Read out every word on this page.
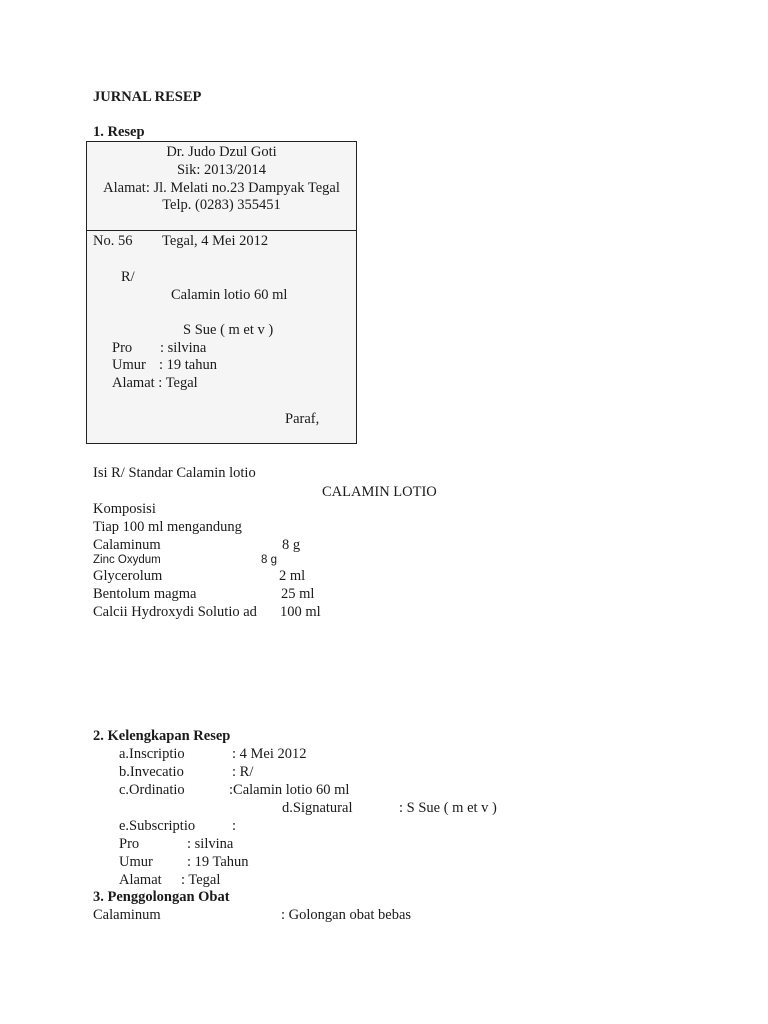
JURNAL RESEP
1. Resep
Dr. Judo Dzul Goti
Sik: 2013/2014
Alamat: Jl. Melati no.23 Dampyak Tegal
Telp. (0283) 355451
No. 56 Tegal, 4 Mei 2012
R/
Calamin lotio 60 ml
S Sue ( m et v )
Pro : silvina
Umur : 19 tahun
Alamat : Tegal
Paraf,
Isi R/ Standar Calamin lotio
CALAMIN LOTIO
Komposisi
Tiap 100 ml mengandung
Calaminum	8 g
Zinc Oxydum	8 g
Glycerolum	2 ml
Bentolum magma	25 ml
Calcii Hydroxydi Solutio ad 100 ml
2. Kelengkapan Resep
a.Inscriptio	: 4 Mei 2012
b.Invecatio	: R/
c.Ordinatio	:Calamin lotio 60 ml
d.Signatural	: S Sue ( m et v )
e.Subscriptio	:
Pro	: silvina
Umur : 19 Tahun
Alamat : Tegal
3. Penggolongan Obat
Calaminum	: Golongan obat bebas
